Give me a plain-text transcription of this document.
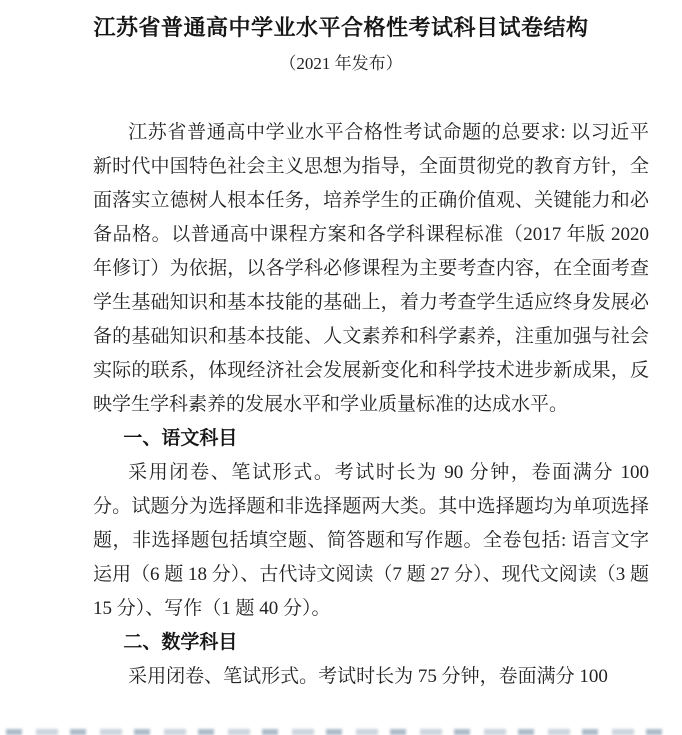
江苏省普通高中学业水平合格性考试科目试卷结构
（2021 年发布）

江苏省普通高中学业水平合格性考试命题的总要求: 以习近平新时代中国特色社会主义思想为指导，全面贯彻党的教育方针，全面落实立德树人根本任务，培养学生的正确价值观、关键能力和必备品格。以普通高中课程方案和各学科课程标准（2017 年版 2020 年修订）为依据，以各学科必修课程为主要考查内容，在全面考查学生基础知识和基本技能的基础上，着力考查学生适应终身发展必备的基础知识和基本技能、人文素养和科学素养，注重加强与社会实际的联系，体现经济社会发展新变化和科学技术进步新成果，反映学生学科素养的发展水平和学业质量标准的达成水平。

一、语文科目

采用闭卷、笔试形式。考试时长为 90 分钟，卷面满分 100 分。试题分为选择题和非选择题两大类。其中选择题均为单项选择题，非选择题包括填空题、简答题和写作题。全卷包括: 语言文字运用（6 题 18 分）、古代诗文阅读（7 题 27 分）、现代文阅读（3 题 15 分）、写作（1 题 40 分）。

二、数学科目

采用闭卷、笔试形式。考试时长为 75 分钟，卷面满分 100
